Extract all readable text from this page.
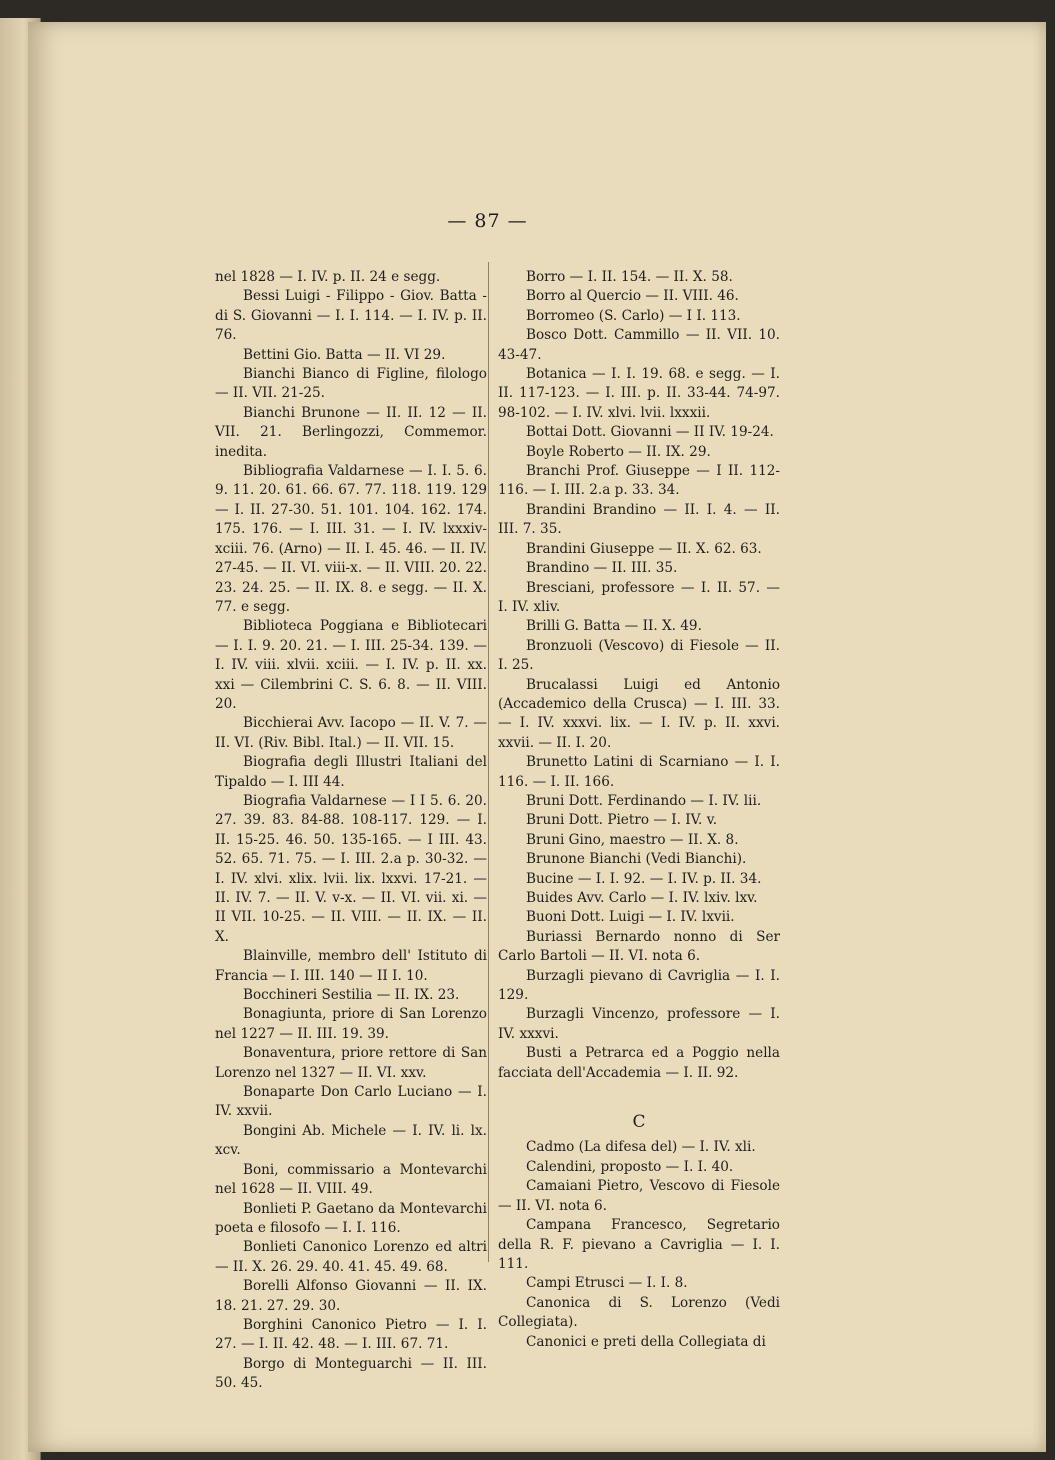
— 87 —

nel 1828 — I. IV. p. II. 24 e segg.

Bessi Luigi - Filippo - Giov. Batta - di S. Giovanni — I. I. 114. — I. IV. p. II. 76.

Bettini Gio. Batta — II. VI 29.

Bianchi Bianco di Figline, filologo — II. VII. 21-25.

Bianchi Brunone — II. II. 12 — II. VII. 21. Berlingozzi, Commemor. inedita.

Bibliografia Valdarnese — I. I. 5. 6. 9. 11. 20. 61. 66. 67. 77. 118. 119. 129 — I. II. 27-30. 51. 101. 104. 162. 174. 175. 176. — I. III. 31. — I. IV. lxxxiv-xciii. 76. (Arno) — II. I. 45. 46. — II. IV. 27-45. — II. VI. viii-x. — II. VIII. 20. 22. 23. 24. 25. — II. IX. 8. e segg. — II. X. 77. e segg.

Biblioteca Poggiana e Bibliotecari — I. I. 9. 20. 21. — I. III. 25-34. 139. — I. IV. viii. xlvii. xciii. — I. IV. p. II. xx. xxi — Cilembrini C. S. 6. 8. — II. VIII. 20.

Bicchierai Avv. Iacopo — II. V. 7. — II. VI. (Riv. Bibl. Ital.) — II. VII. 15.

Biografia degli Illustri Italiani del Tipaldo — I. III 44.

Biografia Valdarnese — I I 5. 6. 20. 27. 39. 83. 84-88. 108-117. 129. — I. II. 15-25. 46. 50. 135-165. — I III. 43. 52. 65. 71. 75. — I. III. 2.a p. 30-32. — I. IV. xlvi. xlix. lvii. lix. lxxvi. 17-21. — II. IV. 7. — II. V. v-x. — II. VI. vii. xi. — II VII. 10-25. — II. VIII. — II. IX. — II. X.

Blainville, membro dell' Istituto di Francia — I. III. 140 — II I. 10.

Bocchineri Sestilia — II. IX. 23.

Bonagiunta, priore di San Lorenzo nel 1227 — II. III. 19. 39.

Bonaventura, priore rettore di San Lorenzo nel 1327 — II. VI. xxv.

Bonaparte Don Carlo Luciano — I. IV. xxvii.

Bongini Ab. Michele — I. IV. li. lx. xcv.

Boni, commissario a Montevarchi nel 1628 — II. VIII. 49.

Bonlieti P. Gaetano da Montevarchi poeta e filosofo — I. I. 116.

Bonlieti Canonico Lorenzo ed altri — II. X. 26. 29. 40. 41. 45. 49. 68.

Borelli Alfonso Giovanni — II. IX. 18. 21. 27. 29. 30.

Borghini Canonico Pietro — I. I. 27. — I. II. 42. 48. — I. III. 67. 71.

Borgo di Monteguarchi — II. III. 50. 45.

Borro — I. II. 154. — II. X. 58.

Borro al Quercio — II. VIII. 46.

Borromeo (S. Carlo) — I I. 113.

Bosco Dott. Cammillo — II. VII. 10. 43-47.

Botanica — I. I. 19. 68. e segg. — I. II. 117-123. — I. III. p. II. 33-44. 74-97. 98-102. — I. IV. xlvi. lvii. lxxxii.

Bottai Dott. Giovanni — II IV. 19-24.

Boyle Roberto — II. IX. 29.

Branchi Prof. Giuseppe — I II. 112-116. — I. III. 2.a p. 33. 34.

Brandini Brandino — II. I. 4. — II. III. 7. 35.

Brandini Giuseppe — II. X. 62. 63.

Brandino — II. III. 35.

Bresciani, professore — I. II. 57. — I. IV. xliv.

Brilli G. Batta — II. X. 49.

Bronzuoli (Vescovo) di Fiesole — II. I. 25.

Brucalassi Luigi ed Antonio (Accademico della Crusca) — I. III. 33. — I. IV. xxxvi. lix. — I. IV. p. II. xxvi. xxvii. — II. I. 20.

Brunetto Latini di Scarniano — I. I. 116. — I. II. 166.

Bruni Dott. Ferdinando — I. IV. lii.

Bruni Dott. Pietro — I. IV. v.

Bruni Gino, maestro — II. X. 8.

Brunone Bianchi (Vedi Bianchi).

Bucine — I. I. 92. — I. IV. p. II. 34.

Buides Avv. Carlo — I. IV. lxiv. lxv.

Buoni Dott. Luigi — I. IV. lxvii.

Buriassi Bernardo nonno di Ser Carlo Bartoli — II. VI. nota 6.

Burzagli pievano di Cavriglia — I. I. 129.

Burzagli Vincenzo, professore — I. IV. xxxvi.

Busti a Petrarca ed a Poggio nella facciata dell'Accademia — I. II. 92.

C

Cadmo (La difesa del) — I. IV. xli.

Calendini, proposto — I. I. 40.

Camaiani Pietro, Vescovo di Fiesole — II. VI. nota 6.

Campana Francesco, Segretario della R. F. pievano a Cavriglia — I. I. 111.

Campi Etrusci — I. I. 8.

Canonica di S. Lorenzo (Vedi Collegiata).

Canonici e preti della Collegiata di
